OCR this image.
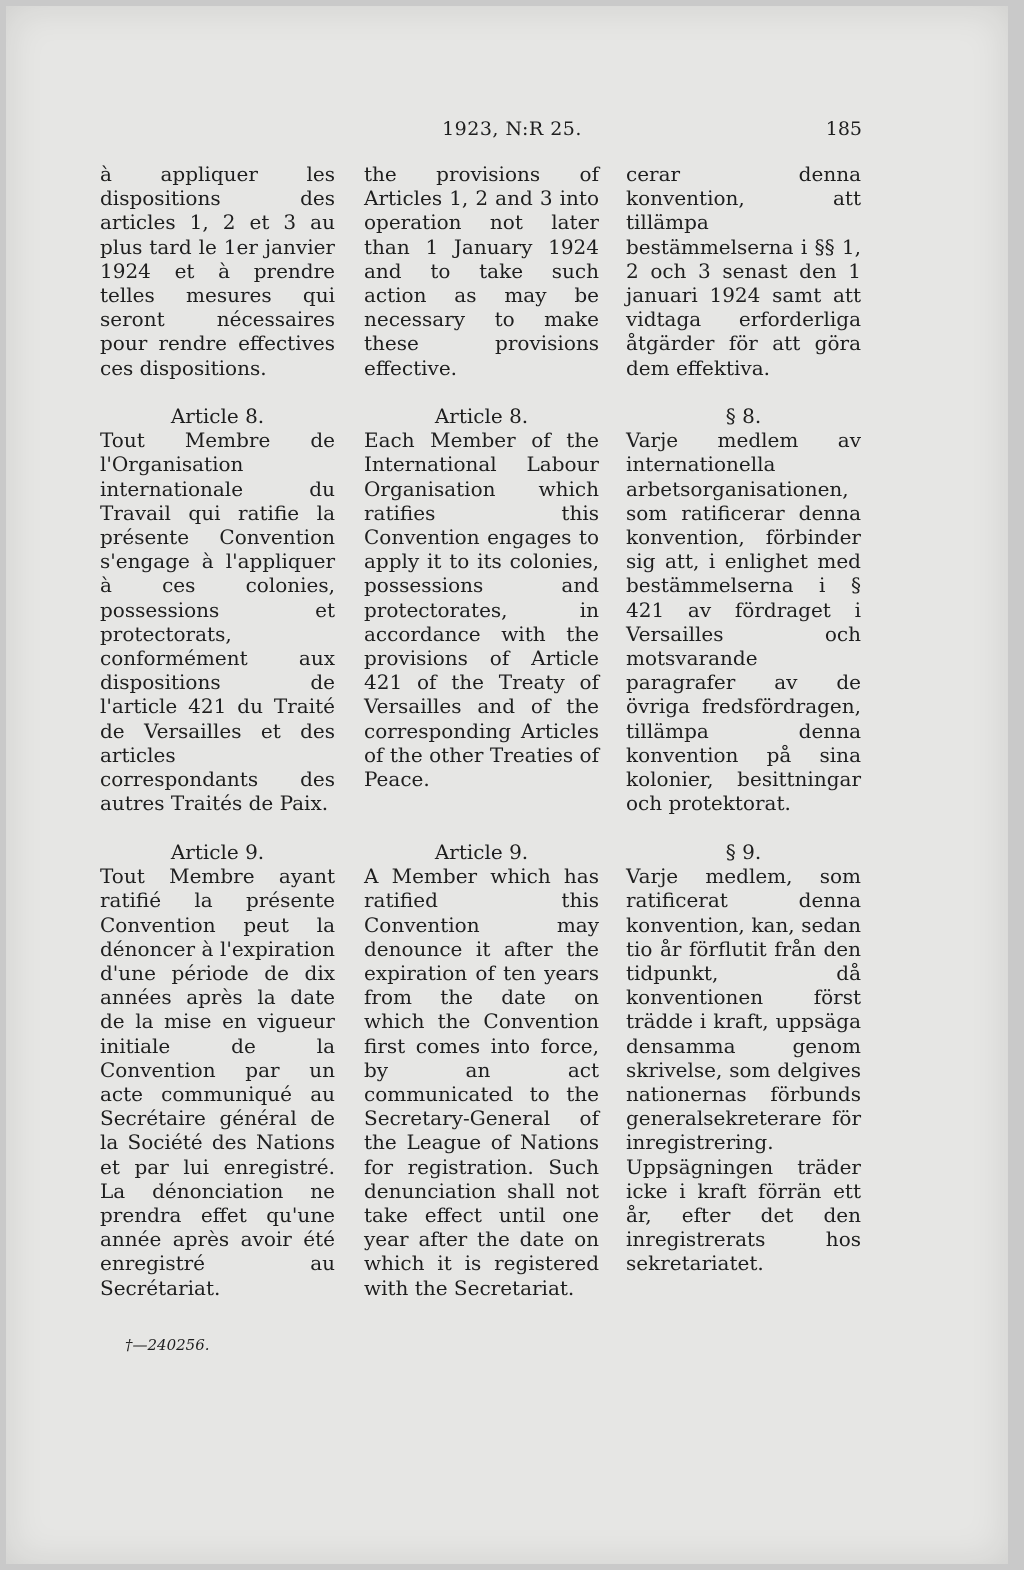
1923, N:R 25.	185

à appliquer les dispositions des articles 1, 2 et 3 au plus tard le 1er janvier 1924 et à prendre telles mesures qui seront nécessaires pour rendre effectives ces dispositions.

Article 8.

Tout Membre de l'Organisation internationale du Travail qui ratifie la présente Convention s'engage à l'appliquer à ces colonies, possessions et protectorats, conformément aux dispositions de l'article 421 du Traité de Versailles et des articles correspondants des autres Traités de Paix.

Article 9.

Tout Membre ayant ratifié la présente Convention peut la dénoncer à l'expiration d'une période de dix années après la date de la mise en vigueur initiale de la Convention par un acte communiqué au Secrétaire général de la Société des Nations et par lui enregistré. La dénonciation ne prendra effet qu'une année après avoir été enregistré au Secrétariat.

the provisions of Articles 1, 2 and 3 into operation not later than 1 January 1924 and to take such action as may be necessary to make these provisions effective.

Article 8.

Each Member of the International Labour Organisation which ratifies this Convention engages to apply it to its colonies, possessions and protectorates, in accordance with the provisions of Article 421 of the Treaty of Versailles and of the corresponding Articles of the other Treaties of Peace.

Article 9.

A Member which has ratified this Convention may denounce it after the expiration of ten years from the date on which the Convention first comes into force, by an act communicated to the Secretary-General of the League of Nations for registration. Such denunciation shall not take effect until one year after the date on which it is registered with the Secretariat.

cerar denna konvention, att tillämpa bestämmelserna i §§ 1, 2 och 3 senast den 1 januari 1924 samt att vidtaga erforderliga åtgärder för att göra dem effektiva.

§ 8.

Varje medlem av internationella arbetsorganisationen, som ratificerar denna konvention, förbinder sig att, i enlighet med bestämmelserna i § 421 av fördraget i Versailles och motsvarande paragrafer av de övriga fredsfördragen, tillämpa denna konvention på sina kolonier, besittningar och protektorat.

§ 9.

Varje medlem, som ratificerat denna konvention, kan, sedan tio år förflutit från den tidpunkt, då konventionen först trädde i kraft, uppsäga densamma genom skrivelse, som delgives nationernas förbunds generalsekreterare för inregistrering. Uppsägningen träder icke i kraft förrän ett år, efter det den inregistrerats hos sekretariatet.

†—240256.
